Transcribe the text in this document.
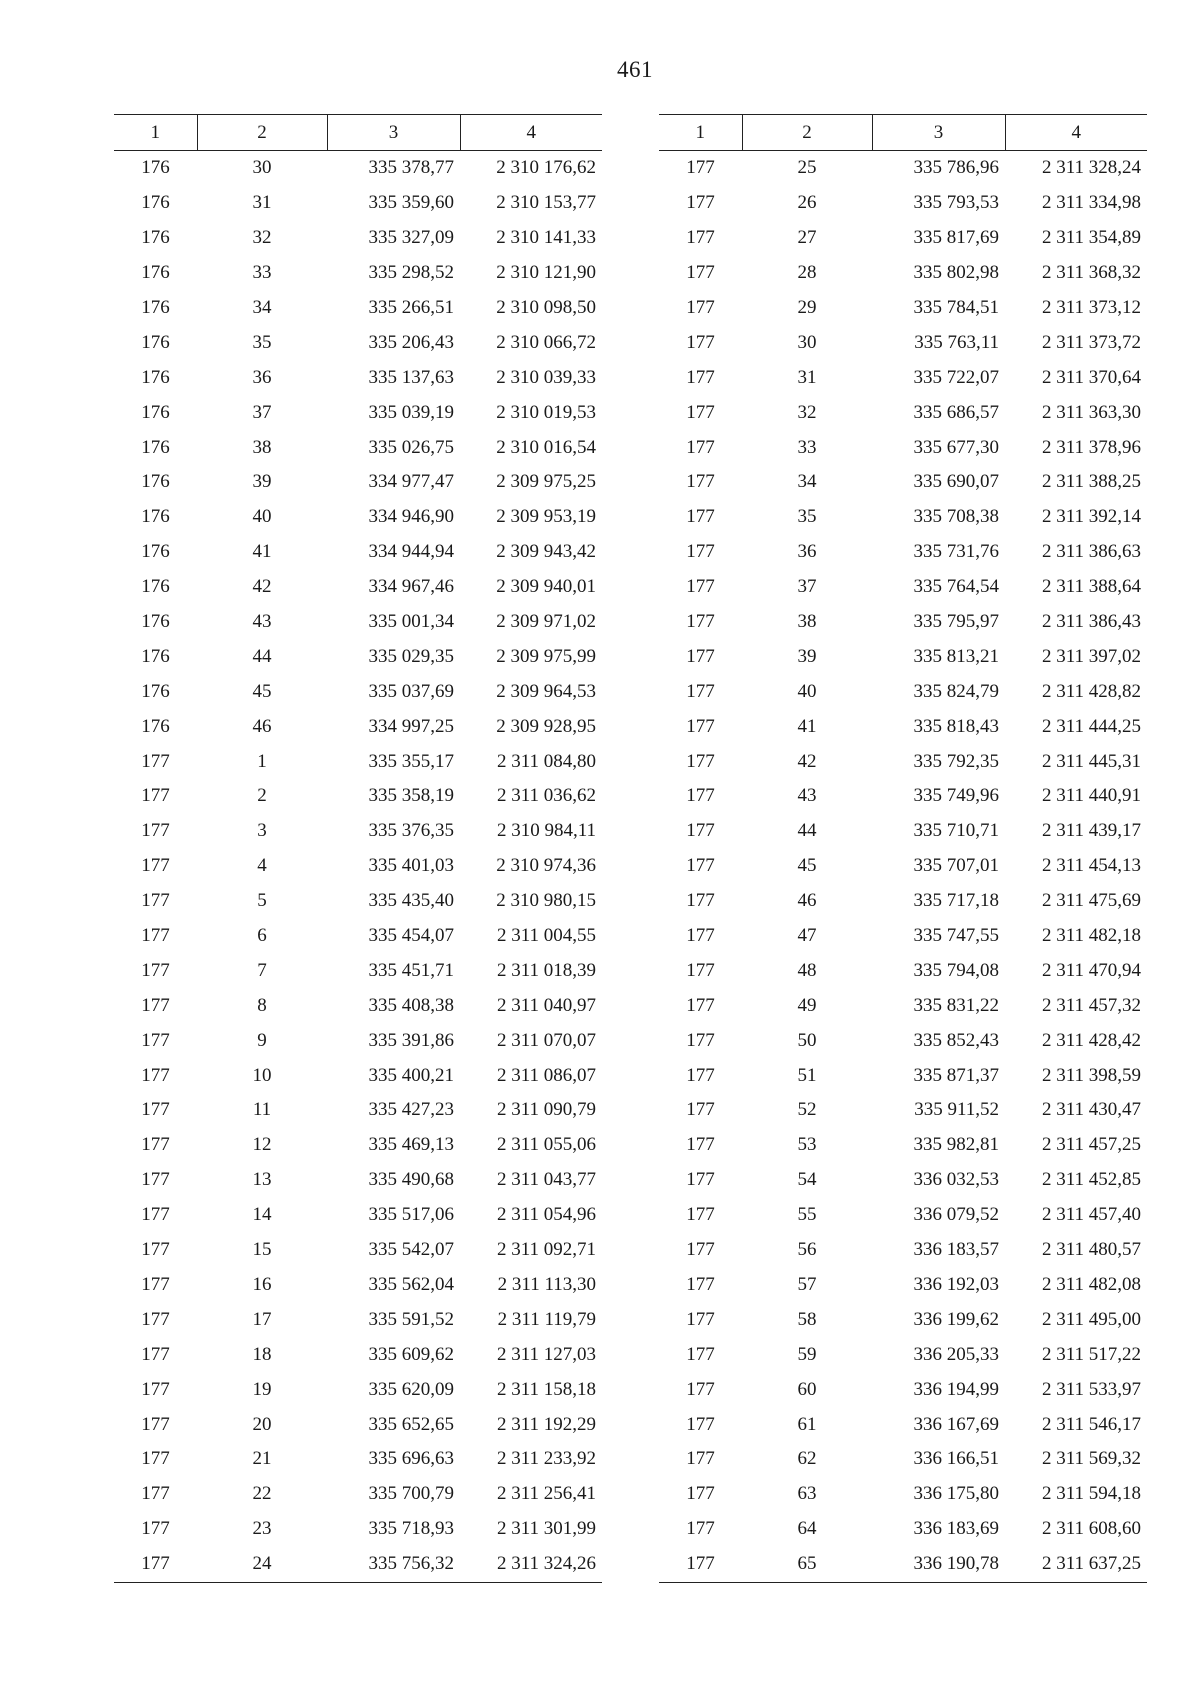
461
1	2	3	4
176	30	335 378,77	2 310 176,62
176	31	335 359,60	2 310 153,77
176	32	335 327,09	2 310 141,33
176	33	335 298,52	2 310 121,90
176	34	335 266,51	2 310 098,50
176	35	335 206,43	2 310 066,72
176	36	335 137,63	2 310 039,33
176	37	335 039,19	2 310 019,53
176	38	335 026,75	2 310 016,54
176	39	334 977,47	2 309 975,25
176	40	334 946,90	2 309 953,19
176	41	334 944,94	2 309 943,42
176	42	334 967,46	2 309 940,01
176	43	335 001,34	2 309 971,02
176	44	335 029,35	2 309 975,99
176	45	335 037,69	2 309 964,53
176	46	334 997,25	2 309 928,95
177	1	335 355,17	2 311 084,80
177	2	335 358,19	2 311 036,62
177	3	335 376,35	2 310 984,11
177	4	335 401,03	2 310 974,36
177	5	335 435,40	2 310 980,15
177	6	335 454,07	2 311 004,55
177	7	335 451,71	2 311 018,39
177	8	335 408,38	2 311 040,97
177	9	335 391,86	2 311 070,07
177	10	335 400,21	2 311 086,07
177	11	335 427,23	2 311 090,79
177	12	335 469,13	2 311 055,06
177	13	335 490,68	2 311 043,77
177	14	335 517,06	2 311 054,96
177	15	335 542,07	2 311 092,71
177	16	335 562,04	2 311 113,30
177	17	335 591,52	2 311 119,79
177	18	335 609,62	2 311 127,03
177	19	335 620,09	2 311 158,18
177	20	335 652,65	2 311 192,29
177	21	335 696,63	2 311 233,92
177	22	335 700,79	2 311 256,41
177	23	335 718,93	2 311 301,99
177	24	335 756,32	2 311 324,26
1	2	3	4
177	25	335 786,96	2 311 328,24
177	26	335 793,53	2 311 334,98
177	27	335 817,69	2 311 354,89
177	28	335 802,98	2 311 368,32
177	29	335 784,51	2 311 373,12
177	30	335 763,11	2 311 373,72
177	31	335 722,07	2 311 370,64
177	32	335 686,57	2 311 363,30
177	33	335 677,30	2 311 378,96
177	34	335 690,07	2 311 388,25
177	35	335 708,38	2 311 392,14
177	36	335 731,76	2 311 386,63
177	37	335 764,54	2 311 388,64
177	38	335 795,97	2 311 386,43
177	39	335 813,21	2 311 397,02
177	40	335 824,79	2 311 428,82
177	41	335 818,43	2 311 444,25
177	42	335 792,35	2 311 445,31
177	43	335 749,96	2 311 440,91
177	44	335 710,71	2 311 439,17
177	45	335 707,01	2 311 454,13
177	46	335 717,18	2 311 475,69
177	47	335 747,55	2 311 482,18
177	48	335 794,08	2 311 470,94
177	49	335 831,22	2 311 457,32
177	50	335 852,43	2 311 428,42
177	51	335 871,37	2 311 398,59
177	52	335 911,52	2 311 430,47
177	53	335 982,81	2 311 457,25
177	54	336 032,53	2 311 452,85
177	55	336 079,52	2 311 457,40
177	56	336 183,57	2 311 480,57
177	57	336 192,03	2 311 482,08
177	58	336 199,62	2 311 495,00
177	59	336 205,33	2 311 517,22
177	60	336 194,99	2 311 533,97
177	61	336 167,69	2 311 546,17
177	62	336 166,51	2 311 569,32
177	63	336 175,80	2 311 594,18
177	64	336 183,69	2 311 608,60
177	65	336 190,78	2 311 637,25
